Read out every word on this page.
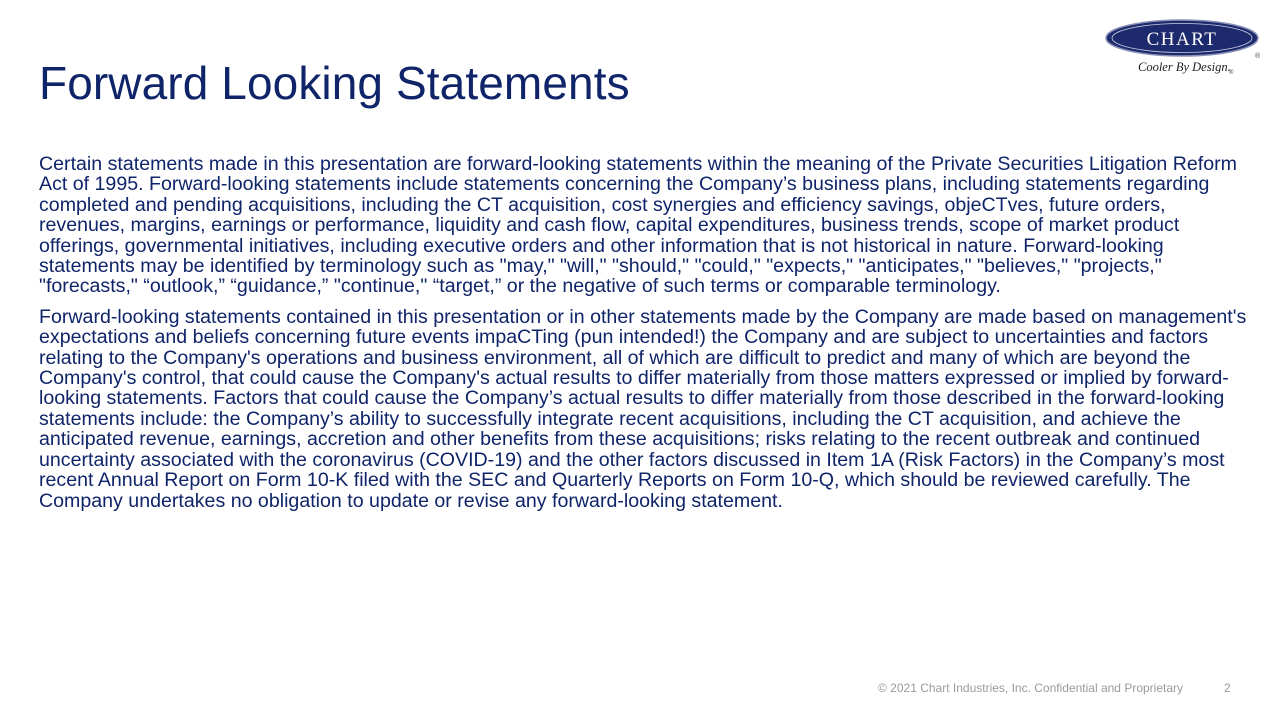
Forward Looking Statements
CHART
®
®
Cooler By Design.

Certain statements made in this presentation are forward-looking statements within the meaning of the Private Securities Litigation Reform Act of 1995. Forward-looking statements include statements concerning the Company’s business plans, including statements regarding completed and pending acquisitions, including the CT acquisition, cost synergies and efficiency savings, objeCTves, future orders, revenues, margins, earnings or performance, liquidity and cash flow, capital expenditures, business trends, scope of market product offerings, governmental initiatives, including executive orders and other information that is not historical in nature. Forward-looking statements may be identified by terminology such as "may," "will," "should," "could," "expects," "anticipates," "believes," "projects," "forecasts," “outlook,” “guidance,” "continue," “target,” or the negative of such terms or comparable terminology.

Forward-looking statements contained in this presentation or in other statements made by the Company are made based on management's expectations and beliefs concerning future events impaCTing (pun intended!) the Company and are subject to uncertainties and factors relating to the Company's operations and business environment, all of which are difficult to predict and many of which are beyond the Company's control, that could cause the Company's actual results to differ materially from those matters expressed or implied by forward-looking statements. Factors that could cause the Company’s actual results to differ materially from those described in the forward-looking statements include: the Company’s ability to successfully integrate recent acquisitions, including the CT acquisition, and achieve the anticipated revenue, earnings, accretion and other benefits from these acquisitions; risks relating to the recent outbreak and continued uncertainty associated with the coronavirus (COVID-19) and the other factors discussed in Item 1A (Risk Factors) in the Company’s most recent Annual Report on Form 10-K filed with the SEC and Quarterly Reports on Form 10-Q, which should be reviewed carefully. The Company undertakes no obligation to update or revise any forward-looking statement.

© 2021 Chart Industries, Inc. Confidential and Proprietary	2
